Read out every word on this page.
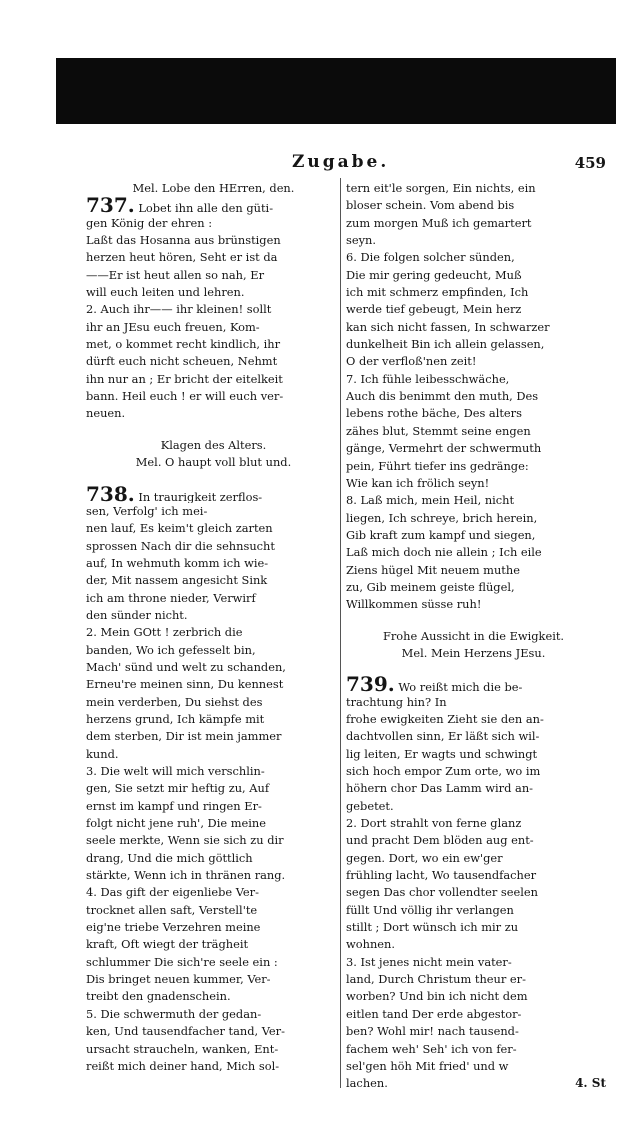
Zugabe.	459
Mel. Lobe den HErren, den.
737. Lobet ihn alle den güti-
gen König der ehren :
Laßt das Hosanna aus brünstigen
herzen heut hören, Seht er ist da
——Er ist heut allen so nah, Er
will euch leiten und lehren.
2. Auch ihr—— ihr kleinen! sollt
ihr an JEsu euch freuen, Kom-
met, o kommet recht kindlich, ihr
dürft euch nicht scheuen, Nehmt
ihn nur an ; Er bricht der eitelkeit
bann. Heil euch ! er will euch ver-
neuen.
Klagen des Alters.
Mel. O haupt voll blut und.
738. In traurigkeit zerflos-
sen, Verfolg' ich mei-
nen lauf, Es keim't gleich zarten
sprossen Nach dir die sehnsucht
auf, In wehmuth komm ich wie-
der, Mit nassem angesicht Sink
ich am throne nieder, Verwirf
den sünder nicht.
2. Mein GOtt ! zerbrich die
banden, Wo ich gefesselt bin,
Mach' sünd und welt zu schanden,
Erneu're meinen sinn, Du kennest
mein verderben, Du siehst des
herzens grund, Ich kämpfe mit
dem sterben, Dir ist mein jammer
kund.
3. Die welt will mich verschlin-
gen, Sie setzt mir heftig zu, Auf
ernst im kampf und ringen Er-
folgt nicht jene ruh', Die meine
seele merkte, Wenn sie sich zu dir
drang, Und die mich göttlich
stärkte, Wenn ich in thränen rang.
4. Das gift der eigenliebe Ver-
trocknet allen saft, Verstell'te
eig'ne triebe Verzehren meine
kraft, Oft wiegt der trägheit
schlummer Die sich're seele ein :
Dis bringet neuen kummer, Ver-
treibt den gnadenschein.
5. Die schwermuth der gedan-
ken, Und tausendfacher tand, Ver-
ursacht straucheln, wanken, Ent-
reißt mich deiner hand, Mich sol-
tern eit'le sorgen, Ein nichts, ein
bloser schein. Vom abend bis
zum morgen Muß ich gemartert
seyn.
6. Die folgen solcher sünden,
Die mir gering gedeucht, Muß
ich mit schmerz empfinden, Ich
werde tief gebeugt, Mein herz
kan sich nicht fassen, In schwarzer
dunkelheit Bin ich allein gelassen,
O der verfloß'nen zeit!
7. Ich fühle leibesschwäche,
Auch dis benimmt den muth, Des
lebens rothe bäche, Des alters
zähes blut, Stemmt seine engen
gänge, Vermehrt der schwermuth
pein, Führt tiefer ins gedränge:
Wie kan ich frölich seyn!
8. Laß mich, mein Heil, nicht
liegen, Ich schreye, brich herein,
Gib kraft zum kampf und siegen,
Laß mich doch nie allein ; Ich eile
Ziens hügel Mit neuem muthe
zu, Gib meinem geiste flügel,
Willkommen süsse ruh!
Frohe Aussicht in die Ewigkeit.
Mel. Mein Herzens JEsu.
739. Wo reißt mich die be-
trachtung hin? In
frohe ewigkeiten Zieht sie den an-
dachtvollen sinn, Er läßt sich wil-
lig leiten, Er wagts und schwingt
sich hoch empor Zum orte, wo im
höhern chor Das Lamm wird an-
gebetet.
2. Dort strahlt von ferne glanz
und pracht Dem blöden aug ent-
gegen. Dort, wo ein ew'ger
frühling lacht, Wo tausendfacher
segen Das chor vollendter seelen
füllt Und völlig ihr verlangen
stillt ; Dort wünsch ich mir zu
wohnen.
3. Ist jenes nicht mein vater-
land, Durch Christum theur er-
worben? Und bin ich nicht dem
eitlen tand Der erde abgestor-
ben? Wohl mir! nach tausend-
fachem weh' Seh' ich von fer-
sel'gen höh Mit fried' und w
lachen.	4. St
